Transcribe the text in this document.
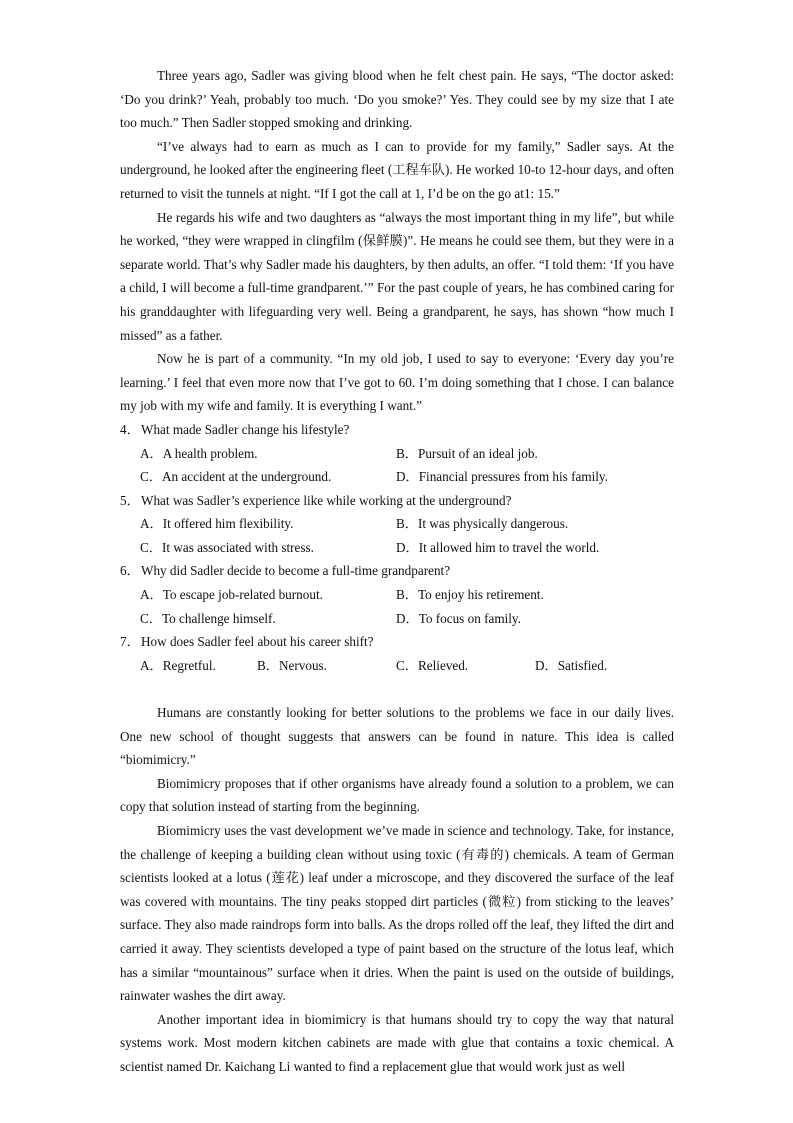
Three years ago, Sadler was giving blood when he felt chest pain. He says, “The doctor asked: ‘Do you drink?’ Yeah, probably too much. ‘Do you smoke?’ Yes. They could see by my size that I ate too much.” Then Sadler stopped smoking and drinking.

“I’ve always had to earn as much as I can to provide for my family,” Sadler says. At the underground, he looked after the engineering fleet (工程车队). He worked 10-to 12-hour days, and often returned to visit the tunnels at night. “If I got the call at 1, I’d be on the go at1: 15.”

He regards his wife and two daughters as “always the most important thing in my life”, but while he worked, “they were wrapped in clingfilm (保鲜膜)”. He means he could see them, but they were in a separate world. That’s why Sadler made his daughters, by then adults, an offer. “I told them: ‘If you have a child, I will become a full-time grandparent.’” For the past couple of years, he has combined caring for his granddaughter with lifeguarding very well. Being a grandparent, he says, has shown “how much I missed” as a father.

Now he is part of a community. “In my old job, I used to say to everyone: ‘Every day you’re learning.’ I feel that even more now that I’ve got to 60. I’m doing something that I chose. I can balance my job with my wife and family. It is everything I want.”

4．What made Sadler change his lifestyle?
A．A health problem.	B．Pursuit of an ideal job.
C．An accident at the underground.	D．Financial pressures from his family.
5．What was Sadler’s experience like while working at the underground?
A．It offered him flexibility.	B．It was physically dangerous.
C．It was associated with stress.	D．It allowed him to travel the world.
6．Why did Sadler decide to become a full-time grandparent?
A．To escape job-related burnout.	B．To enjoy his retirement.
C．To challenge himself.	D．To focus on family.
7．How does Sadler feel about his career shift?
A．Regretful.	B．Nervous.	C．Relieved.	D．Satisfied.

Humans are constantly looking for better solutions to the problems we face in our daily lives. One new school of thought suggests that answers can be found in nature. This idea is called “biomimicry.”

Biomimicry proposes that if other organisms have already found a solution to a problem, we can copy that solution instead of starting from the beginning.

Biomimicry uses the vast development we’ve made in science and technology. Take, for instance, the challenge of keeping a building clean without using toxic (有毒的) chemicals. A team of German scientists looked at a lotus (莲花) leaf under a microscope, and they discovered the surface of the leaf was covered with mountains. The tiny peaks stopped dirt particles (微粒) from sticking to the leaves’ surface. They also made raindrops form into balls. As the drops rolled off the leaf, they lifted the dirt and carried it away. They scientists developed a type of paint based on the structure of the lotus leaf, which has a similar “mountainous” surface when it dries. When the paint is used on the outside of buildings, rainwater washes the dirt away.

Another important idea in biomimicry is that humans should try to copy the way that natural systems work. Most modern kitchen cabinets are made with glue that contains a toxic chemical. A scientist named Dr. Kaichang Li wanted to find a replacement glue that would work just as well
